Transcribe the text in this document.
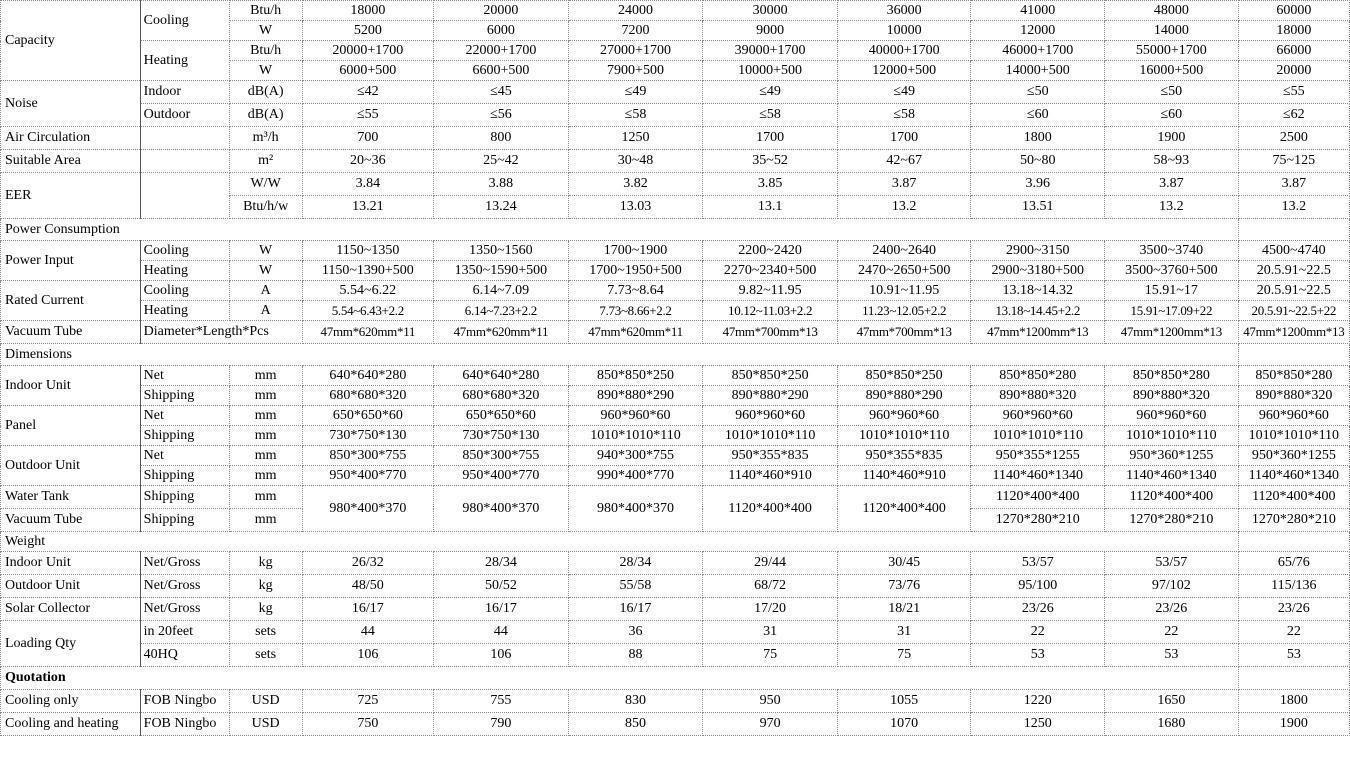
Capacity	Cooling	Btu/h	18000	20000	24000	30000	36000	41000	48000	60000
		W	5200	6000	7200	9000	10000	12000	14000	18000
	Heating	Btu/h	20000+1700	22000+1700	27000+1700	39000+1700	40000+1700	46000+1700	55000+1700	66000
		W	6000+500	6600+500	7900+500	10000+500	12000+500	14000+500	16000+500	20000
Noise	Indoor	dB(A)	≤42	≤45	≤49	≤49	≤49	≤50	≤50	≤55
	Outdoor	dB(A)	≤55	≤56	≤58	≤58	≤58	≤60	≤60	≤62
Air Circulation		m³/h	700	800	1250	1700	1700	1800	1900	2500
Suitable Area		m²	20~36	25~42	30~48	35~52	42~67	50~80	58~93	75~125
EER		W/W	3.84	3.88	3.82	3.85	3.87	3.96	3.87	3.87
		Btu/h/w	13.21	13.24	13.03	13.1	13.2	13.51	13.2	13.2
Power Consumption										
Power Input	Cooling	W	1150~1350	1350~1560	1700~1900	2200~2420	2400~2640	2900~3150	3500~3740	4500~4740
	Heating	W	1150~1390+500	1350~1590+500	1700~1950+500	2270~2340+500	2470~2650+500	2900~3180+500	3500~3760+500	20.5.91~22.5
Rated Current	Cooling	A	5.54~6.22	6.14~7.09	7.73~8.64	9.82~11.95	10.91~11.95	13.18~14.32	15.91~17	20.5.91~22.5
	Heating	A	5.54~6.43+2.2	6.14~7.23+2.2	7.73~8.66+2.2	10.12~11.03+2.2	11.23~12.05+2.2	13.18~14.45+2.2	15.91~17.09+22	20.5.91~22.5+22
Vacuum Tube	Diameter*Length*Pcs		47mm*620mm*11	47mm*620mm*11	47mm*620mm*11	47mm*700mm*13	47mm*700mm*13	47mm*1200mm*13	47mm*1200mm*13	47mm*1200mm*13
Dimensions										
Indoor Unit	Net	mm	640*640*280	640*640*280	850*850*250	850*850*250	850*850*250	850*850*280	850*850*280	850*850*280
	Shipping	mm	680*680*320	680*680*320	890*880*290	890*880*290	890*880*290	890*880*320	890*880*320	890*880*320
Panel	Net	mm	650*650*60	650*650*60	960*960*60	960*960*60	960*960*60	960*960*60	960*960*60	960*960*60
	Shipping	mm	730*750*130	730*750*130	1010*1010*110	1010*1010*110	1010*1010*110	1010*1010*110	1010*1010*110	1010*1010*110
Outdoor Unit	Net	mm	850*300*755	850*300*755	940*300*755	950*355*835	950*355*835	950*355*1255	950*360*1255	950*360*1255
	Shipping	mm	950*400*770	950*400*770	990*400*770	1140*460*910	1140*460*910	1140*460*1340	1140*460*1340	1140*460*1340
Water Tank	Shipping	mm	980*400*370	980*400*370	980*400*370	1120*400*400	1120*400*400	1120*400*400	1120*400*400	1120*400*400
Vacuum Tube	Shipping	mm						1270*280*210	1270*280*210	1270*280*210
Weight										
Indoor Unit	Net/Gross	kg	26/32	28/34	28/34	29/44	30/45	53/57	53/57	65/76
Outdoor Unit	Net/Gross	kg	48/50	50/52	55/58	68/72	73/76	95/100	97/102	115/136
Solar Collector	Net/Gross	kg	16/17	16/17	16/17	17/20	18/21	23/26	23/26	23/26
Loading Qty	in 20feet	sets	44	44	36	31	31	22	22	22
	40HQ	sets	106	106	88	75	75	53	53	53
Quotation										
Cooling only	FOB Ningbo	USD	725	755	830	950	1055	1220	1650	1800
Cooling and heating	FOB Ningbo	USD	750	790	850	970	1070	1250	1680	1900
